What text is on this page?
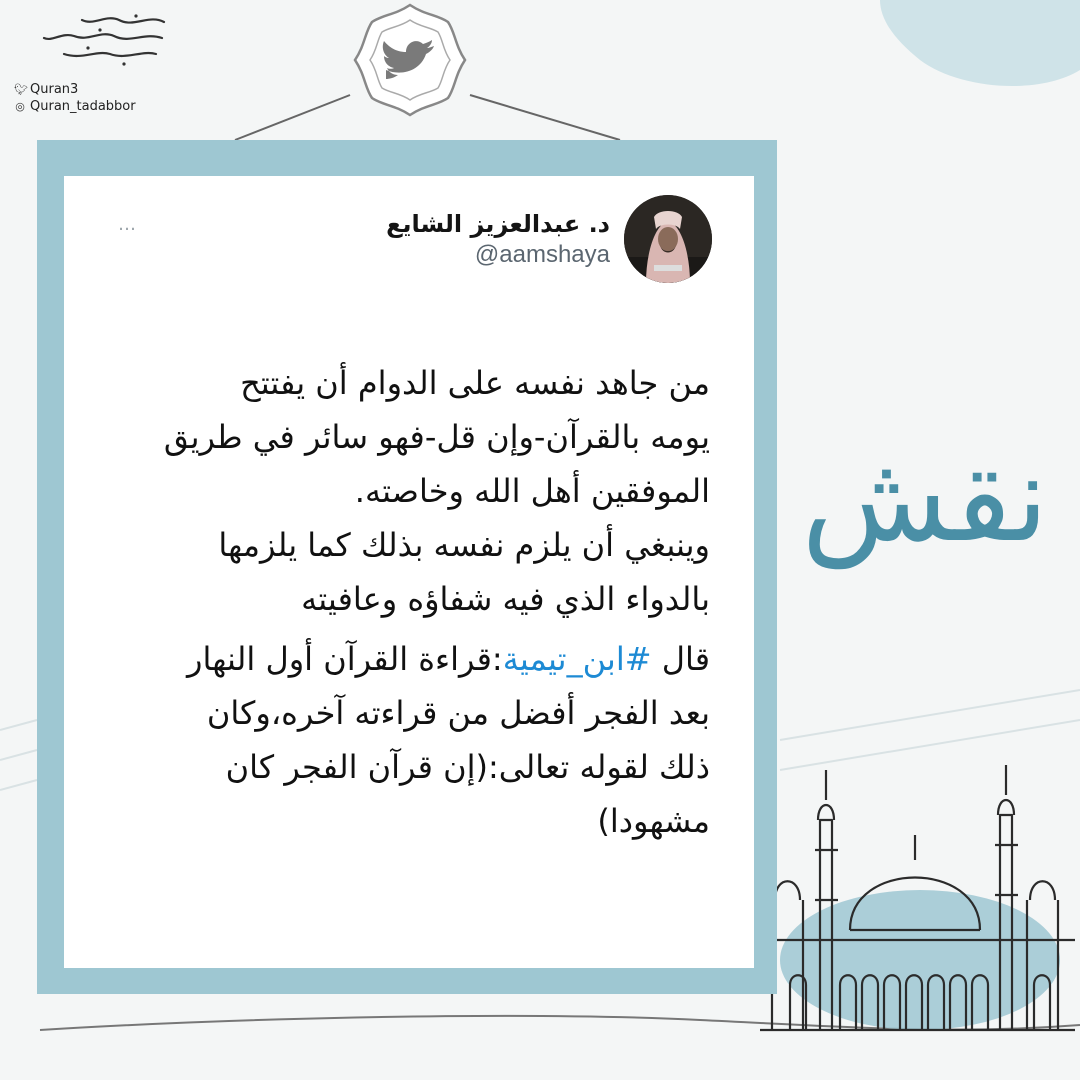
🐦︎ Quran3
◎ Quran_tadabbor
…	د. عبدالعزيز الشايع
@aamshaya

من جاهد نفسه على الدوام أن يفتتح
يومه بالقرآن-وإن قل-فهو سائر في طريق
الموفقين أهل الله وخاصته.
وينبغي أن يلزم نفسه بذلك كما يلزمها
بالدواء الذي فيه شفاؤه وعافيته

قال #ابن_تيمية:قراءة القرآن أول النهار
بعد الفجر أفضل من قراءته آخره،وكان
ذلك لقوله تعالى:(إن قرآن الفجر كان
مشهودا)

نقش
